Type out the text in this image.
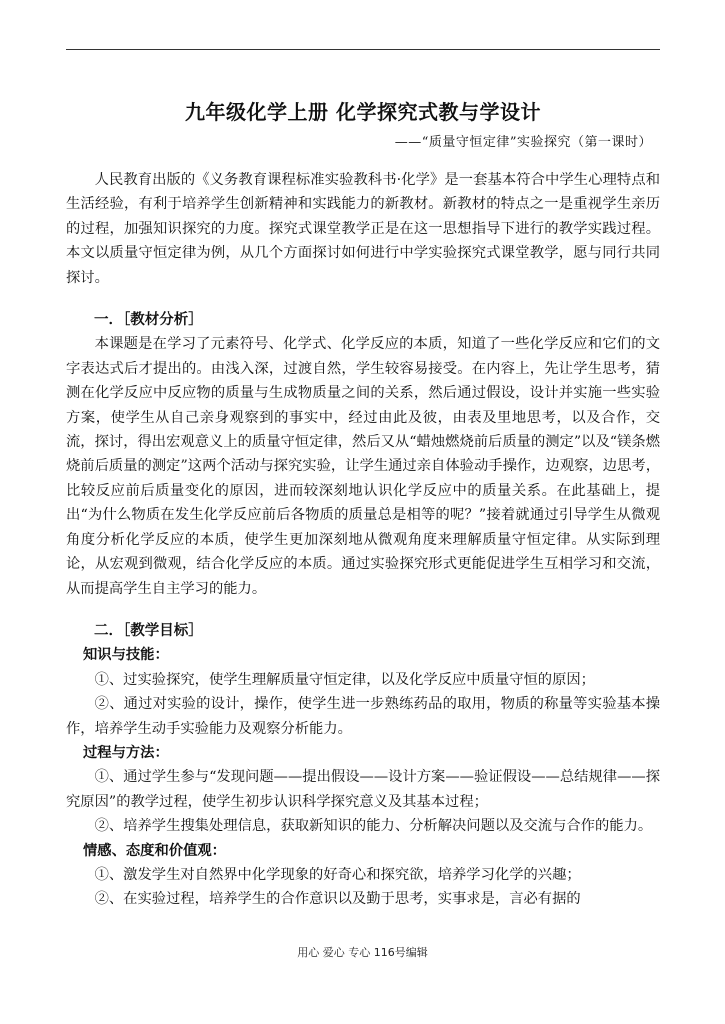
九年级化学上册 化学探究式教与学设计
——“质量守恒定律”实验探究（第一课时）

人民教育出版的《义务教育课程标准实验教科书·化学》是一套基本符合中学生心理特点和生活经验，有利于培养学生创新精神和实践能力的新教材。新教材的特点之一是重视学生亲历的过程，加强知识探究的力度。探究式课堂教学正是在这一思想指导下进行的教学实践过程。本文以质量守恒定律为例，从几个方面探讨如何进行中学实验探究式课堂教学，愿与同行共同探讨。

一．［教材分析］

本课题是在学习了元素符号、化学式、化学反应的本质，知道了一些化学反应和它们的文字表达式后才提出的。由浅入深，过渡自然，学生较容易接受。在内容上，先让学生思考，猜测在化学反应中反应物的质量与生成物质量之间的关系，然后通过假设，设计并实施一些实验方案，使学生从自己亲身观察到的事实中，经过由此及彼，由表及里地思考，以及合作，交流，探讨，得出宏观意义上的质量守恒定律，然后又从“蜡烛燃烧前后质量的测定”以及“镁条燃烧前后质量的测定”这两个活动与探究实验，让学生通过亲自体验动手操作，边观察，边思考，比较反应前后质量变化的原因，进而较深刻地认识化学反应中的质量关系。在此基础上，提出“为什么物质在发生化学反应前后各物质的质量总是相等的呢？”接着就通过引导学生从微观角度分析化学反应的本质，使学生更加深刻地从微观角度来理解质量守恒定律。从实际到理论，从宏观到微观，结合化学反应的本质。通过实验探究形式更能促进学生互相学习和交流，从而提高学生自主学习的能力。

二．［教学目标］
知识与技能：

①、过实验探究，使学生理解质量守恒定律，以及化学反应中质量守恒的原因；

②、通过对实验的设计，操作，使学生进一步熟练药品的取用，物质的称量等实验基本操作，培养学生动手实验能力及观察分析能力。

过程与方法：

①、通过学生参与“发现问题——提出假设——设计方案——验证假设——总结规律——探究原因”的教学过程，使学生初步认识科学探究意义及其基本过程；

②、培养学生搜集处理信息，获取新知识的能力、分析解决问题以及交流与合作的能力。

情感、态度和价值观：

①、激发学生对自然界中化学现象的好奇心和探究欲，培养学习化学的兴趣；

②、在实验过程，培养学生的合作意识以及勤于思考，实事求是，言必有据的

用心 爱心 专心 116号编辑
